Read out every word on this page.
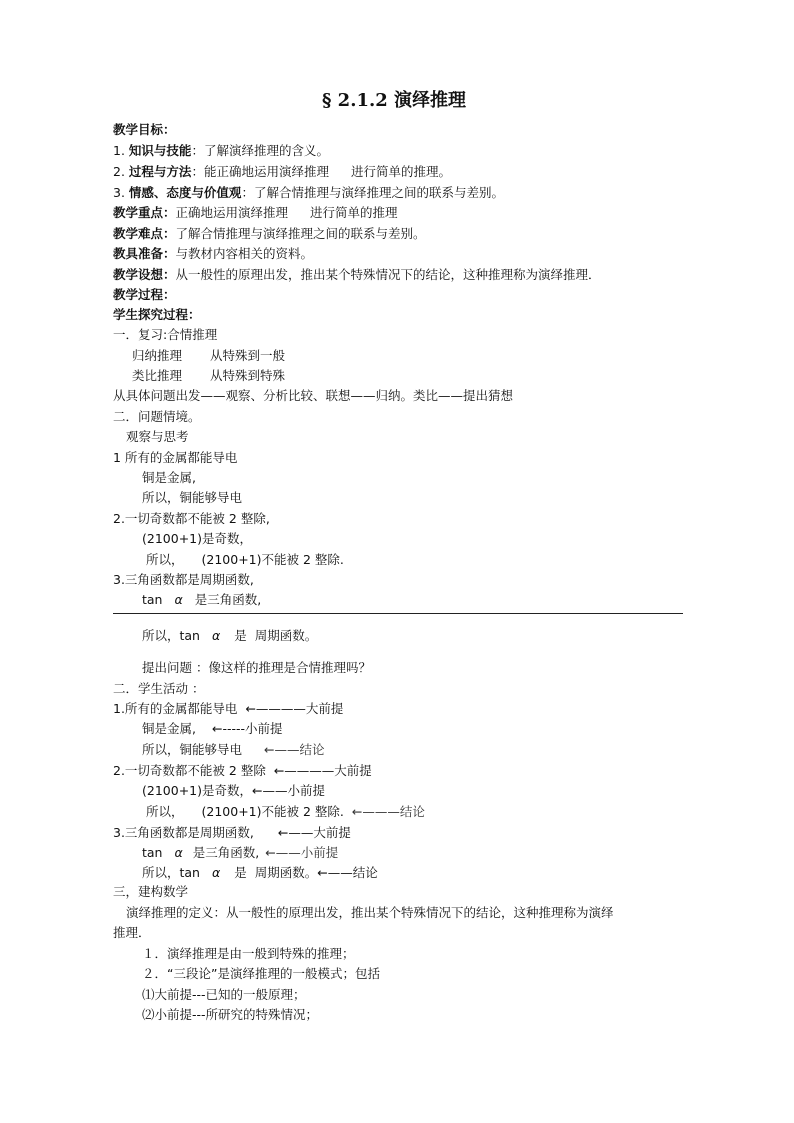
§ 2.1.2 演绎推理
教学目标：
1. 知识与技能：了解演绎推理的含义。
2. 过程与方法：能正确地运用演绎推理 进行简单的推理。
3. 情感、态度与价值观：了解合情推理与演绎推理之间的联系与差别。
教学重点：正确地运用演绎推理 进行简单的推理
教学难点：了解合情推理与演绎推理之间的联系与差别。
教具准备：与教材内容相关的资料。
教学设想：从一般性的原理出发，推出某个特殊情况下的结论，这种推理称为演绎推理．
教学过程：
学生探究过程：
一．复习:合情推理
归纳推理 从特殊到一般
类比推理 从特殊到特殊
从具体问题出发——观察、分析比较、联想——归纳。类比——提出猜想
二．问题情境。
观察与思考
1 所有的金属都能导电
铜是金属,
所以，铜能够导电
2.一切奇数都不能被 2 整除,
(2100+1)是奇数，
所以， (2100+1)不能被 2 整除.
3.三角函数都是周期函数,
tan α 是三角函数,
所以，tan α 是 周期函数。
提出问题 ：像这样的推理是合情推理吗？
二．学生活动 ：
1.所有的金属都能导电 ←————大前提
铜是金属, ←-----小前提
所以，铜能够导电 ←——结论
2.一切奇数都不能被 2 整除 ←————大前提
(2100+1)是奇数，←——小前提
所以， (2100+1)不能被 2 整除. ←———结论
3.三角函数都是周期函数, ←——大前提
tan α 是三角函数, ←——小前提
所以，tan α 是 周期函数。←——结论
三，建构数学
演绎推理的定义：从一般性的原理出发，推出某个特殊情况下的结论，这种推理称为演绎
推理．
１．演绎推理是由一般到特殊的推理；
２．“三段论”是演绎推理的一般模式；包括
⑴大前提---已知的一般原理；
⑵小前提---所研究的特殊情况；
